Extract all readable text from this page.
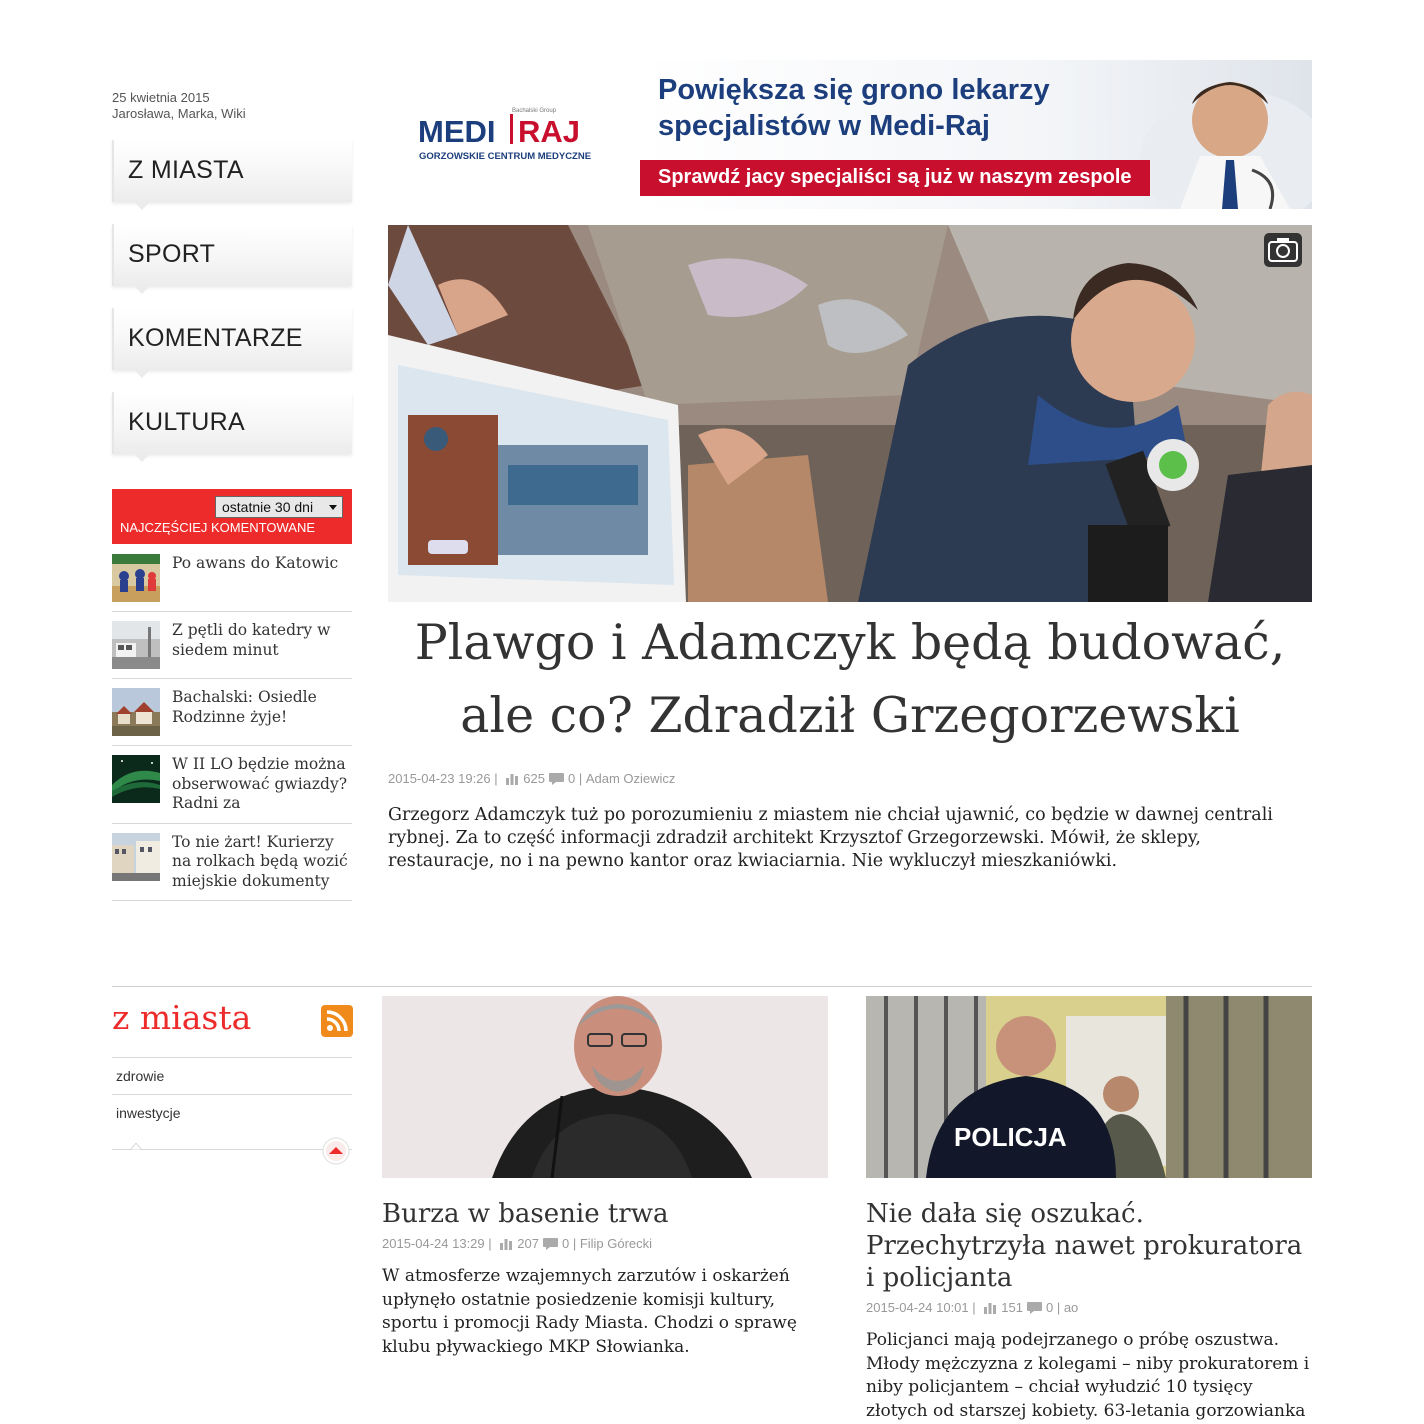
25 kwietnia 2015
Jarosława, Marka, Wiki
Z MIASTA
SPORT
KOMENTARZE
KULTURA
ostatnie 30 dni
NAJCZĘŚCIEJ KOMENTOWANE
Po awans do Katowic
Z pętli do katedry w siedem minut
Bachalski: Osiedle Rodzinne żyje!
W II LO będzie można obserwować gwiazdy? Radni za
To nie żart! Kurierzy na rolkach będą wozić miejskie dokumenty
Bachalski Group
MEDI RAJ
GORZOWSKIE CENTRUM MEDYCZNE
Powiększa się grono lekarzy
specjalistów w Medi-Raj
Sprawdź jacy specjaliści są już w naszym zespole
Plawgo i Adamczyk będą budować, ale co? Zdradził Grzegorzewski
2015-04-23 19:26 | 625 0 | Adam Oziewicz
Grzegorz Adamczyk tuż po porozumieniu z miastem nie chciał ujawnić, co będzie w dawnej centrali rybnej. Za to część informacji zdradził architekt Krzysztof Grzegorzewski. Mówił, że sklepy, restauracje, no i na pewno kantor oraz kwiaciarnia. Nie wykluczył mieszkaniówki.
z miasta
zdrowie
inwestycje
Burza w basenie trwa
2015-04-24 13:29 | 207 0 | Filip Górecki
W atmosferze wzajemnych zarzutów i oskarżeń upłynęło ostatnie posiedzenie komisji kultury, sportu i promocji Rady Miasta. Chodzi o sprawę klubu pływackiego MKP Słowianka.
POLICJA
Nie dała się oszukać. Przechytrzyła nawet prokuratora i policjanta
2015-04-24 10:01 | 151 0 | ao
Policjanci mają podejrzanego o próbę oszustwa. Młody mężczyzna z kolegami – niby prokuratorem i niby policjantem – chciał wyłudzić 10 tysięcy złotych od starszej kobiety. 63-letania gorzowianka
